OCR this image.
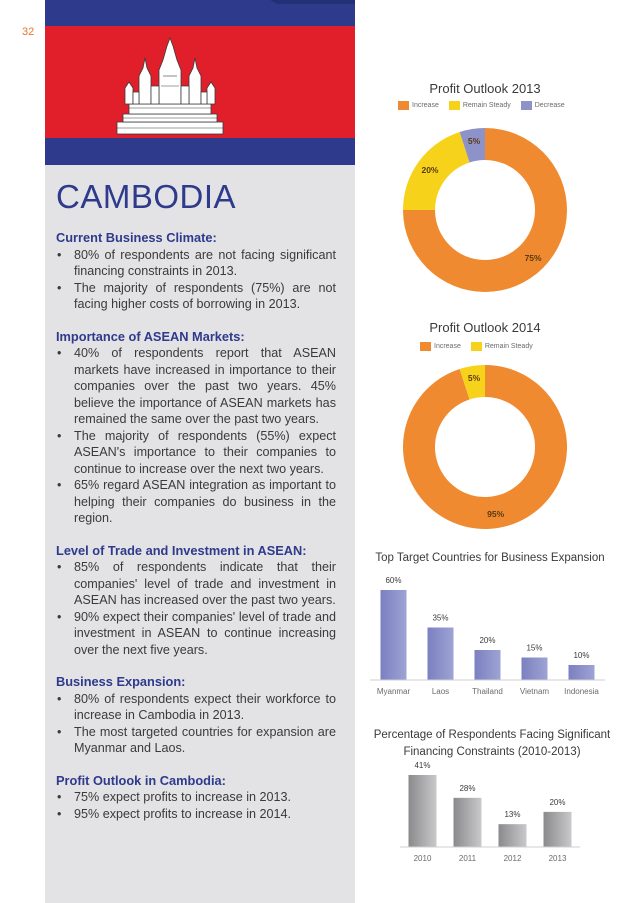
32
CAMBODIA
Current Business Climate:
• 80% of respondents are not facing significant financing constraints in 2013.
• The majority of respondents (75%) are not facing higher costs of borrowing in 2013.
Importance of ASEAN Markets:
• 40% of respondents report that ASEAN markets have increased in importance to their companies over the past two years. 45% believe the importance of ASEAN markets has remained the same over the past two years.
• The majority of respondents (55%) expect ASEAN's importance to their companies to continue to increase over the next two years.
• 65% regard ASEAN integration as important to helping their companies do business in the region.
Level of Trade and Investment in ASEAN:
• 85% of respondents indicate that their companies' level of trade and investment in ASEAN has increased over the past two years.
• 90% expect their companies' level of trade and investment in ASEAN to continue increasing over the next five years.
Business Expansion:
• 80% of respondents expect their workforce to increase in Cambodia in 2013.
• The most targeted countries for expansion are Myanmar and Laos.
Profit Outlook in Cambodia:
• 75% expect profits to increase in 2013.
• 95% expect profits to increase in 2014.
Profit Outlook 2013
Increase	Remain Steady	Decrease
75%
20%
5%
Profit Outlook 2014
Increase	Remain Steady
95%
5%
Top Target Countries for Business Expansion
60%
Myanmar
35%
Laos
20%
Thailand
15%
Vietnam
10%
Indonesia
Percentage of Respondents Facing Significant
Financing Constraints (2010-2013)
41%
2010
28%
2011
13%
2012
20%
2013
